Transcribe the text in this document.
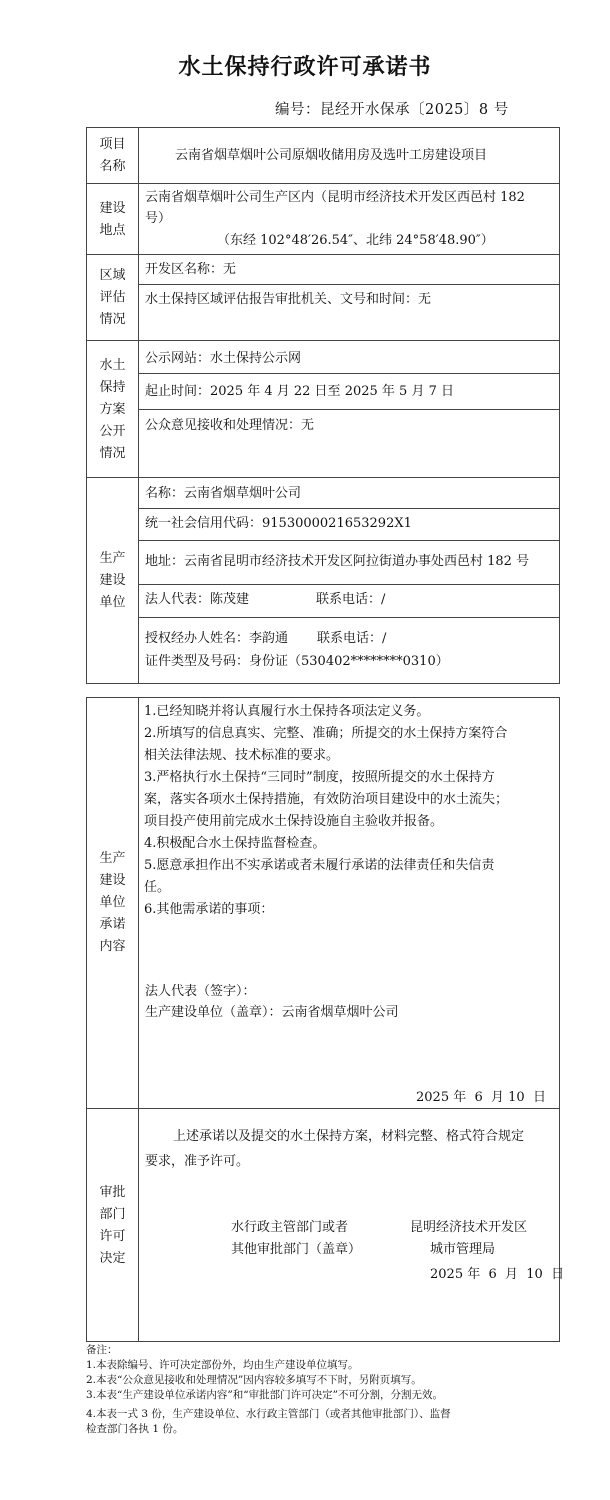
水土保持行政许可承诺书
编号：昆经开水保承〔2025〕8 号
项目名称
云南省烟草烟叶公司原烟收储用房及选叶工房建设项目
建设地点
云南省烟草烟叶公司生产区内（昆明市经济技术开发区西邑村 182
号）
（东经 102°48′26.54″、北纬 24°58′48.90″）
区域评估情况
开发区名称：无
水土保持区域评估报告审批机关、文号和时间：无
水土保持方案公开情况
公示网站：水土保持公示网
起止时间：2025 年 4 月 22 日至 2025 年 5 月 7 日
公众意见接收和处理情况：无
生产建设单位
名称：云南省烟草烟叶公司
统一社会信用代码：9153000021653292X1
地址：云南省昆明市经济技术开发区阿拉街道办事处西邑村 182 号
法人代表：陈茂建	联系电话：/
授权经办人姓名：李韵通 联系电话：/
证件类型及号码：身份证（530402********0310）
生产建设单位承诺内容
1.已经知晓并将认真履行水土保持各项法定义务。
2.所填写的信息真实、完整、准确；所提交的水土保持方案符合
相关法律法规、技术标准的要求。
3.严格执行水土保持“三同时”制度，按照所提交的水土保持方
案，落实各项水土保持措施，有效防治项目建设中的水土流失；
项目投产使用前完成水土保持设施自主验收并报备。
4.积极配合水土保持监督检查。
5.愿意承担作出不实承诺或者未履行承诺的法律责任和失信责
任。
6.其他需承诺的事项：
法人代表（签字）：
生产建设单位（盖章）：云南省烟草烟叶公司
2025 年  6  月 10  日
审批部门许可决定
上述承诺以及提交的水土保持方案，材料完整、格式符合规定
要求，准予许可。
水行政主管部门或者
其他审批部门（盖章）
昆明经济技术开发区
城市管理局
2025 年  6  月  10  日
备注：
1.本表除编号、许可决定部份外，均由生产建设单位填写。
2.本表“公众意见接收和处理情况”因内容较多填写不下时，另附页填写。
3.本表“生产建设单位承诺内容”和“审批部门许可决定”不可分割，分割无效。
4.本表一式 3 份，生产建设单位、水行政主管部门（或者其他审批部门）、监督
检查部门各执 1 份。
